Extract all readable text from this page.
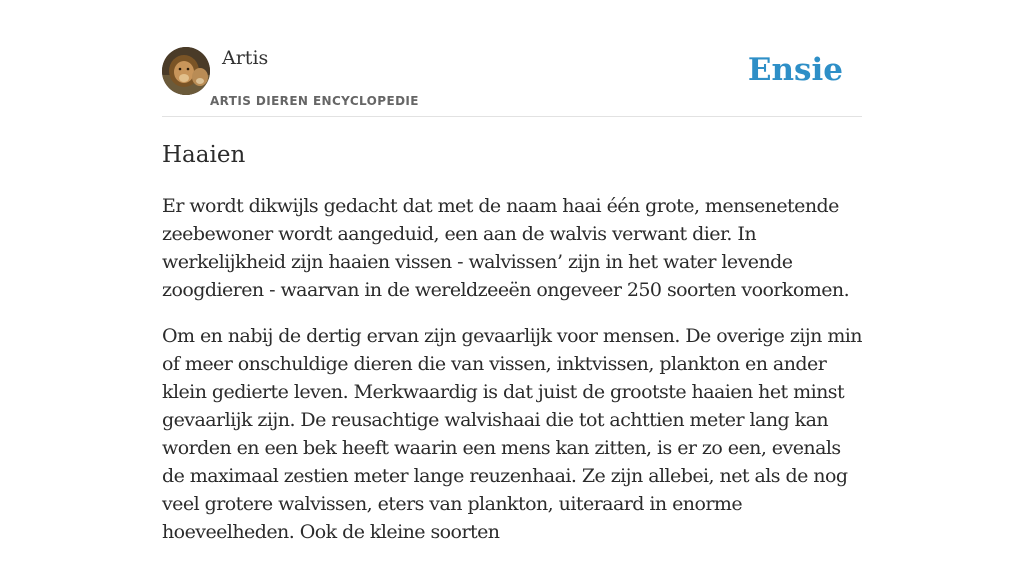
Artis
ARTIS DIEREN ENCYCLOPEDIE
Ensie
Haaien

Er wordt dikwijls gedacht dat met de naam haai één grote, mensenetende zeebewoner wordt aangeduid, een aan de walvis verwant dier. In werkelijkheid zijn haaien vissen - walvissen’ zijn in het water levende zoogdieren - waarvan in de wereldzeeën ongeveer 250 soorten voorkomen.

Om en nabij de dertig ervan zijn gevaarlijk voor mensen. De overige zijn min of meer onschuldige dieren die van vissen, inktvissen, plankton en ander klein gedierte leven. Merkwaardig is dat juist de grootste haaien het minst gevaarlijk zijn. De reusachtige walvishaai die tot achttien meter lang kan worden en een bek heeft waarin een mens kan zitten, is er zo een, evenals de maximaal zestien meter lange reuzenhaai. Ze zijn allebei, net als de nog veel grotere walvissen, eters van plankton, uiteraard in enorme hoeveelheden. Ook de kleine soorten
